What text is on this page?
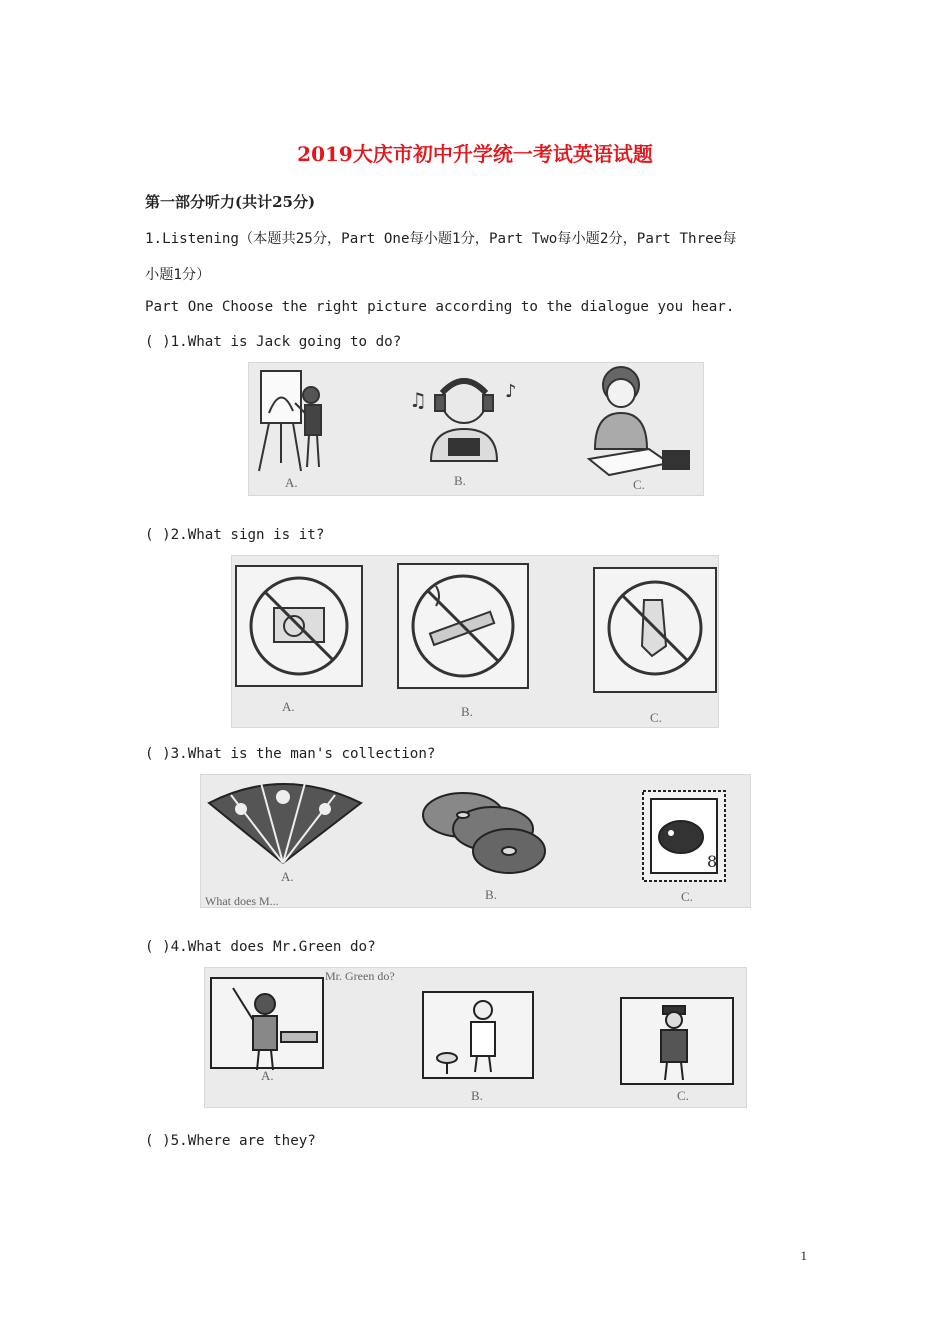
2019大庆市初中升学统一考试英语试题
第一部分听力(共计25分)
1.Listening（本题共25分，Part One每小题1分，Part Two每小题2分，Part Three每
小题1分）
Part One Choose the right picture according to the dialogue you hear.
( )1.What is Jack going to do?
♫	♪
A.	B.	C.
( )2.What sign is it?
A.	B.	C.
( )3.What is the man's collection?
8
A.
B.	C.
What does M...
( )4.What does Mr.Green do?
Mr. Green do?
A.
B.	C.
( )5.Where are they?
1
